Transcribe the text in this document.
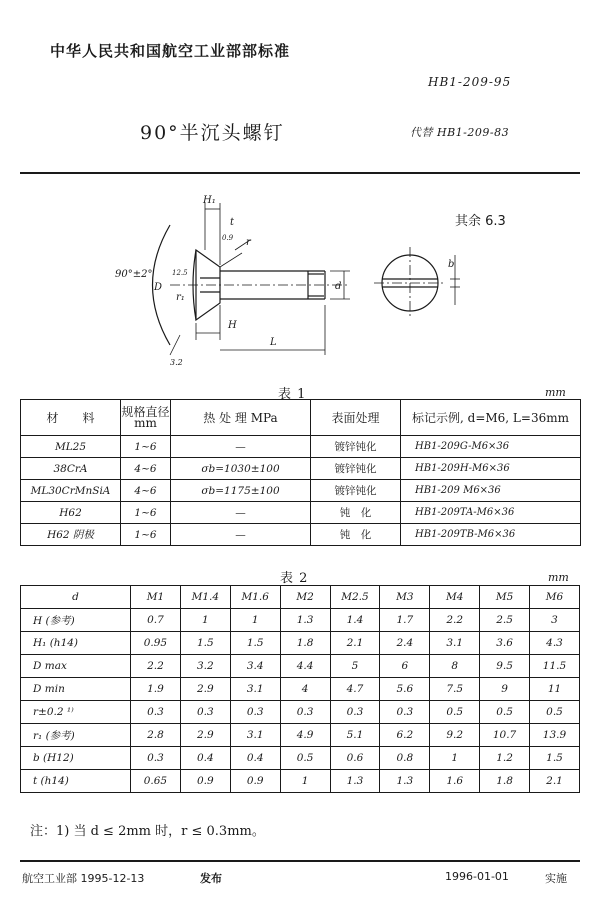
中华人民共和国航空工业部部标准
HB1-209-95
90°半沉头螺钉	代替 HB1-209-83
H₁
t
r
90°±2°
D
r₁
H
L
d
b
3.2
12.5
0.9
其余 6.3
表 1	mm
材　　料	规格直径 mm	热 处 理 MPa	表面处理	标记示例, d=M6, L=36mm
ML25	1~6	—	镀锌钝化	HB1-209G-M6×36
38CrA	4~6	σb=1030±100	镀锌钝化	HB1-209H-M6×36
ML30CrMnSiA	4~6	σb=1175±100	镀锌钝化	HB1-209 M6×36
H62	1~6	—	钝　化	HB1-209TA-M6×36
H62 阴极	1~6	—	钝　化	HB1-209TB-M6×36
表 2	mm
d	M1	M1.4	M1.6	M2	M2.5	M3	M4	M5	M6
H (参考)	0.7	1	1	1.3	1.4	1.7	2.2	2.5	3
H₁ (h14)	0.95	1.5	1.5	1.8	2.1	2.4	3.1	3.6	4.3
D max	2.2	3.2	3.4	4.4	5	6	8	9.5	11.5
D min	1.9	2.9	3.1	4	4.7	5.6	7.5	9	11
r±0.2 ¹⁾	0.3	0.3	0.3	0.3	0.3	0.3	0.5	0.5	0.5
r₁ (参考)	2.8	2.9	3.1	4.9	5.1	6.2	9.2	10.7	13.9
b (H12)	0.3	0.4	0.4	0.5	0.6	0.8	1	1.2	1.5
t (h14)	0.65	0.9	0.9	1	1.3	1.3	1.6	1.8	2.1
注：1) 当 d ≤ 2mm 时，r ≤ 0.3mm。
航空工业部 1995-12-13	发布	1996-01-01	实施
